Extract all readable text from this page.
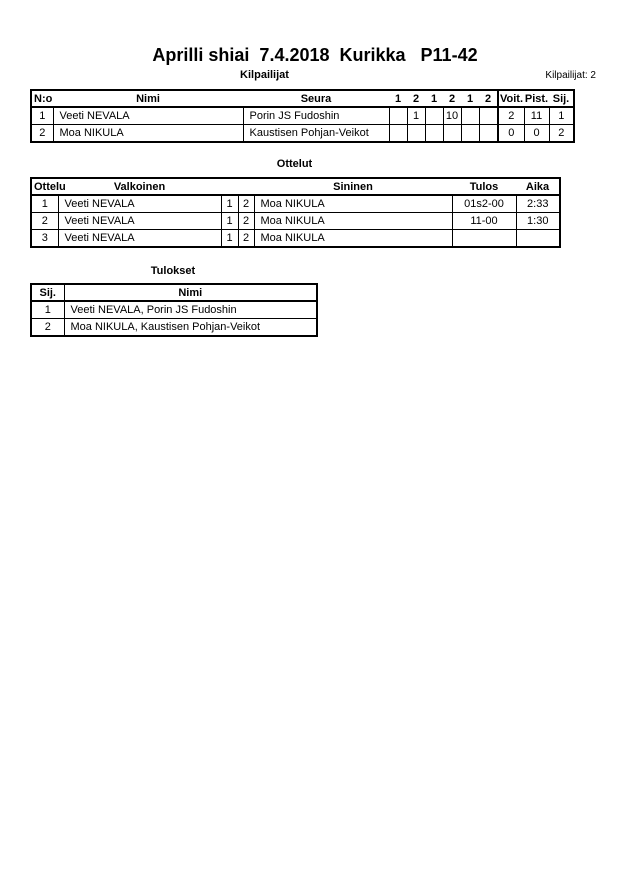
Aprilli shiai  7.4.2018  Kurikka   P11-42
Kilpailijat	Kilpailijat: 2
N:o	Nimi	Seura	1	2	1	2	1	2	Voit.	Pist.	Sij.
1	Veeti NEVALA	Porin JS Fudoshin		1		10			2	11	1
2	Moa NIKULA	Kaustisen Pohjan-Veikot							0	0	2
Ottelut
Ottelu	Valkoinen			Sininen	Tulos	Aika
1	Veeti NEVALA	1	2	Moa NIKULA	01s2-00	2:33
2	Veeti NEVALA	1	2	Moa NIKULA	11-00	1:30
3	Veeti NEVALA	1	2	Moa NIKULA		
Tulokset
Sij.	Nimi
1	Veeti NEVALA, Porin JS Fudoshin
2	Moa NIKULA, Kaustisen Pohjan-Veikot
